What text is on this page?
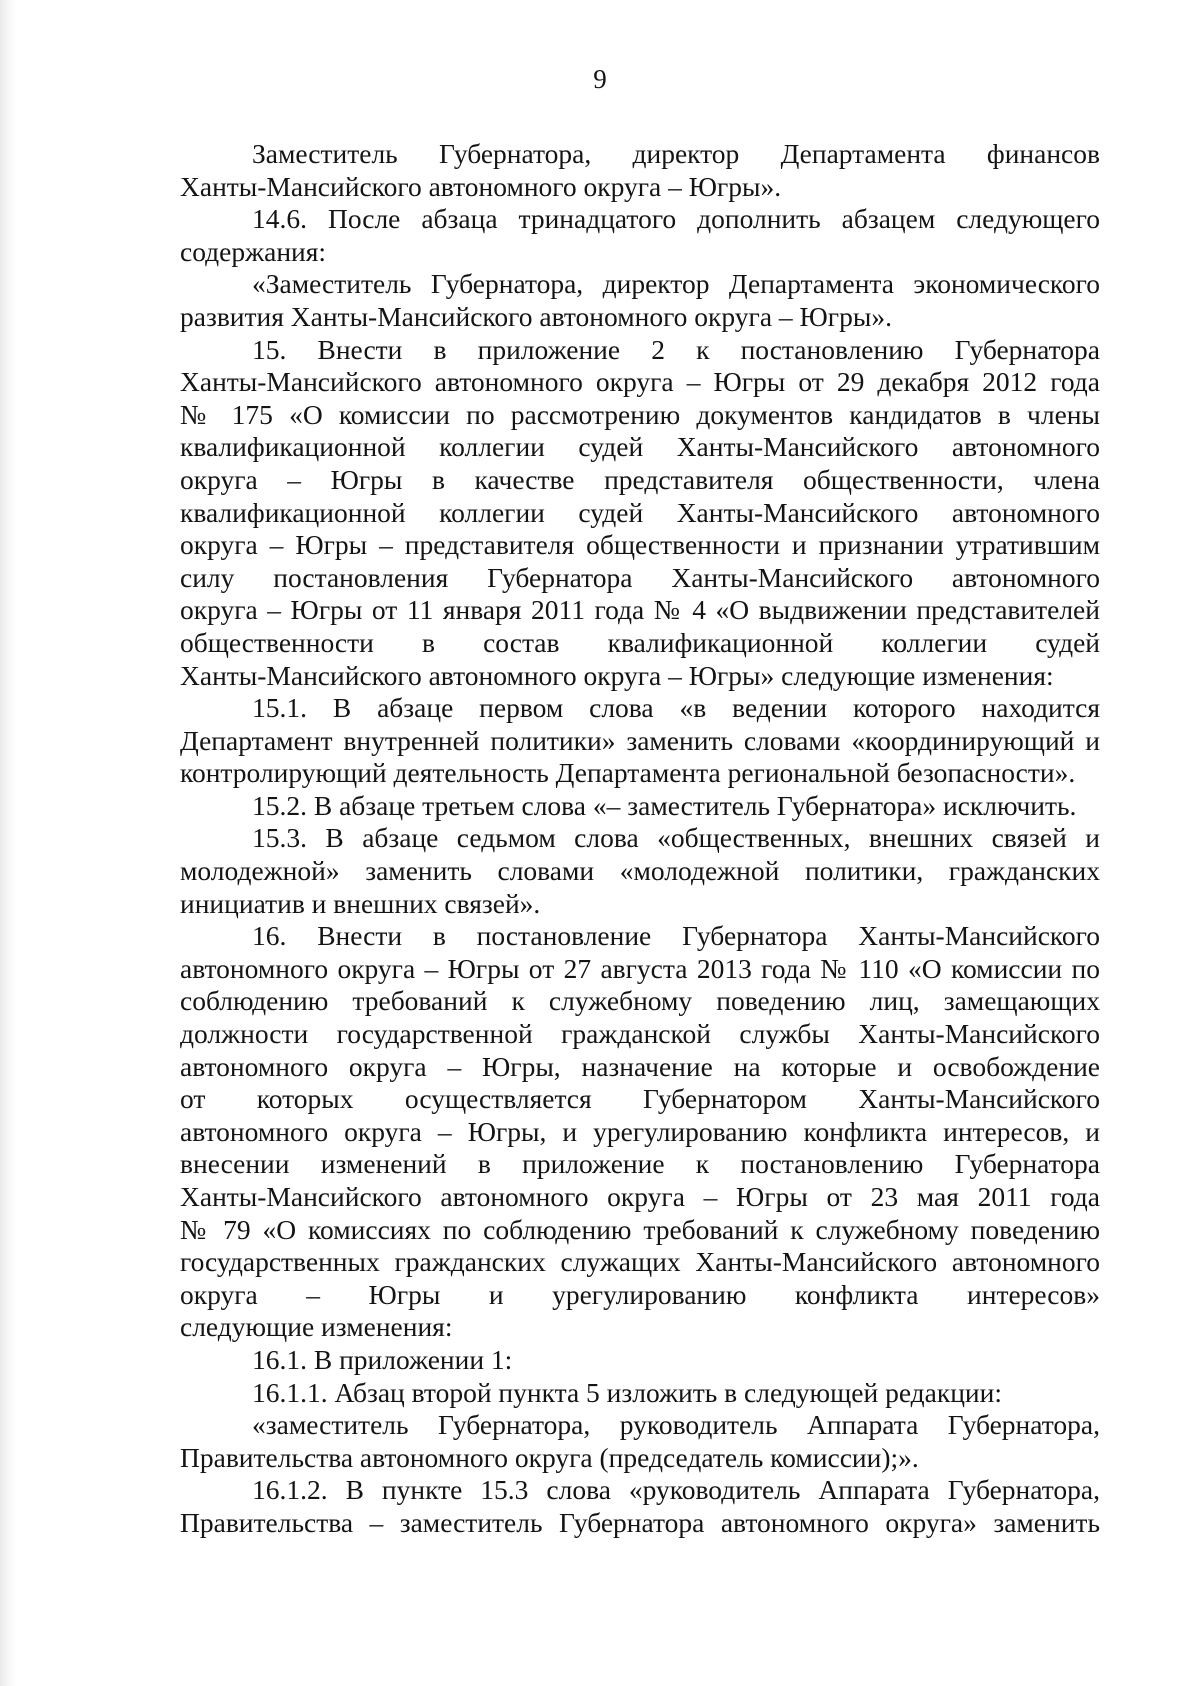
9
Заместитель Губернатора, директор Департамента финансов
Ханты-Мансийского автономного округа – Югры».
14.6. После абзаца тринадцатого дополнить абзацем следующего
содержания:
«Заместитель Губернатора, директор Департамента экономического
развития Ханты-Мансийского автономного округа – Югры».
15. Внести в приложение 2 к постановлению Губернатора
Ханты-Мансийского автономного округа – Югры от 29 декабря 2012 года
№ 175 «О комиссии по рассмотрению документов кандидатов в члены
квалификационной коллегии судей Ханты-Мансийского автономного
округа – Югры в качестве представителя общественности, члена
квалификационной коллегии судей Ханты-Мансийского автономного
округа – Югры – представителя общественности и признании утратившим
силу постановления Губернатора Ханты-Мансийского автономного
округа – Югры от 11 января 2011 года № 4 «О выдвижении представителей
общественности в состав квалификационной коллегии судей
Ханты-Мансийского автономного округа – Югры» следующие изменения:
15.1. В абзаце первом слова «в ведении которого находится
Департамент внутренней политики» заменить словами «координирующий и
контролирующий деятельность Департамента региональной безопасности».
15.2. В абзаце третьем слова «– заместитель Губернатора» исключить.
15.3. В абзаце седьмом слова «общественных, внешних связей и
молодежной» заменить словами «молодежной политики, гражданских
инициатив и внешних связей».
16. Внести в постановление Губернатора Ханты-Мансийского
автономного округа – Югры от 27 августа 2013 года № 110 «О комиссии по
соблюдению требований к служебному поведению лиц, замещающих
должности государственной гражданской службы Ханты-Мансийского
автономного округа – Югры, назначение на которые и освобождение
от которых осуществляется Губернатором Ханты-Мансийского
автономного округа – Югры, и урегулированию конфликта интересов, и
внесении изменений в приложение к постановлению Губернатора
Ханты-Мансийского автономного округа – Югры от 23 мая 2011 года
№ 79 «О комиссиях по соблюдению требований к служебному поведению
государственных гражданских служащих Ханты-Мансийского автономного
округа – Югры и урегулированию конфликта интересов»
следующие изменения:
16.1. В приложении 1:
16.1.1. Абзац второй пункта 5 изложить в следующей редакции:
«заместитель Губернатора, руководитель Аппарата Губернатора,
Правительства автономного округа (председатель комиссии);».
16.1.2. В пункте 15.3 слова «руководитель Аппарата Губернатора,
Правительства – заместитель Губернатора автономного округа» заменить
